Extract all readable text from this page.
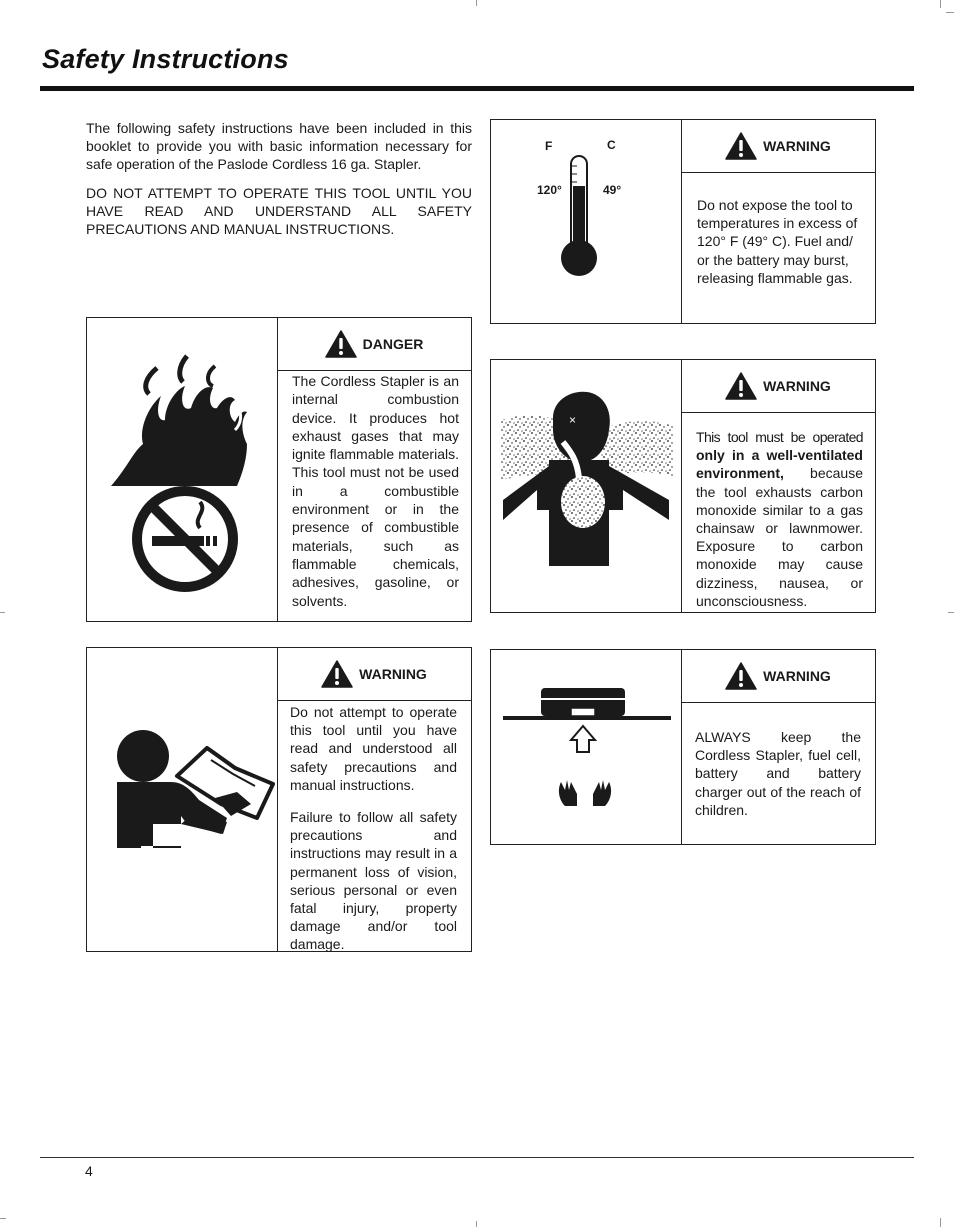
Safety Instructions

The following safety instructions have been included in this booklet to provide you with basic information necessary for safe operation of the Paslode Cordless 16 ga. Stapler.

DO NOT ATTEMPT TO OPERATE THIS TOOL UNTIL YOU HAVE READ AND UNDERSTAND ALL SAFETY PRECAUTIONS AND MANUAL INSTRUCTIONS.

F	C
120°	49°
WARNING
Do not expose the tool to temperatures in excess of 120° F (49° C). Fuel and/ or the battery may burst, releasing flammable gas.
DANGER
The Cordless Stapler is an internal combustion device. It produces hot exhaust gases that may ignite flammable materials. This tool must not be used in a combustible environment or in the presence of combustible materials, such as flammable chemicals, adhesives, gasoline, or solvents.
×
WARNING
This tool must be operated only in a well-ventilated environment, because the tool exhausts carbon monoxide similar to a gas chainsaw or lawnmower. Exposure to carbon monoxide may cause dizziness, nausea, or unconsciousness.
WARNING

Do not attempt to operate this tool until you have read and understood all safety precautions and manual instructions.

Failure to follow all safety precautions and instructions may result in a permanent loss of vision, serious personal or even fatal injury, property damage and/or tool damage.

WARNING
ALWAYS keep the Cordless Stapler, fuel cell, battery and battery charger out of the reach of children.
4
